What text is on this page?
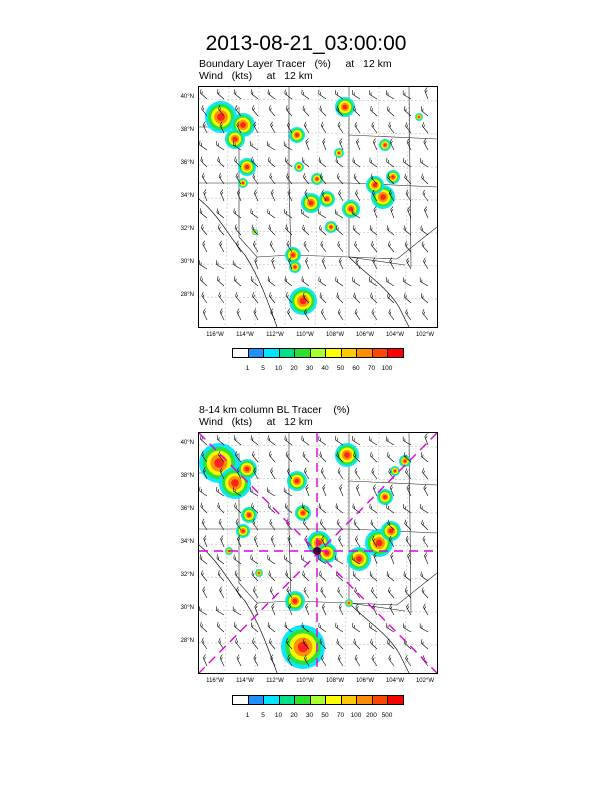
2013-08-21_03:00:00
Boundary Layer Tracer   (%)     at   12 km
Wind   (kts)     at   12 km
40°N
38°N
36°N
34°N
32°N
30°N
28°N
116°W	114°W	112°W	110°W	108°W	106°W	104°W	102°W
1	5	10	20	30	40	50	60	70 100
8-14 km column BL Tracer    (%)
Wind   (kts)     at   12 km
40°N
38°N
36°N
34°N
32°N
30°N
28°N
116°W	114°W	112°W	110°W	108°W	106°W	104°W	102°W
1	5	10	20	30	50	70 100 200 500
